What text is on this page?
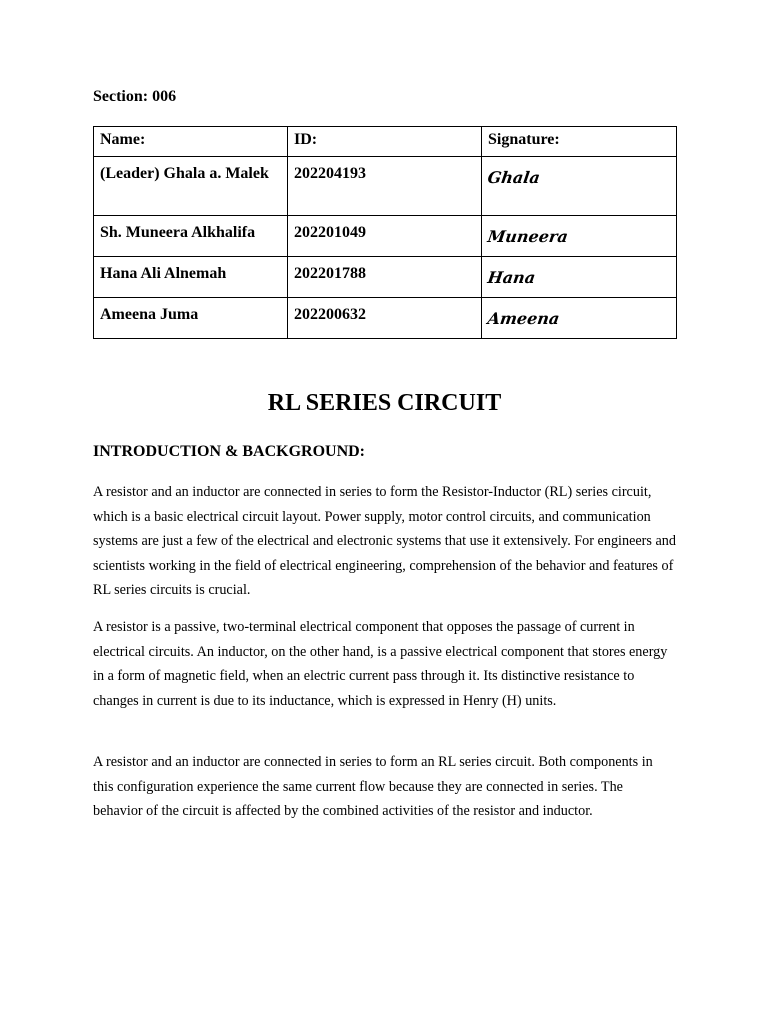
Section: 006
Name:	ID:	Signature:
(Leader) Ghala a. Malek	202204193	Ghala
Sh. Muneera Alkhalifa	202201049	Muneera
Hana Ali Alnemah	202201788	Hana
Ameena Juma	202200632	Ameena
RL SERIES CIRCUIT
INTRODUCTION & BACKGROUND:

A resistor and an inductor are connected in series to form the Resistor-Inductor (RL) series circuit, which is a basic electrical circuit layout. Power supply, motor control circuits, and communication systems are just a few of the electrical and electronic systems that use it extensively. For engineers and scientists working in the field of electrical engineering, comprehension of the behavior and features of RL series circuits is crucial.

A resistor is a passive, two-terminal electrical component that opposes the passage of current in electrical circuits. An inductor, on the other hand, is a passive electrical component that stores energy in a form of magnetic field, when an electric current pass through it. Its distinctive resistance to changes in current is due to its inductance, which is expressed in Henry (H) units.

A resistor and an inductor are connected in series to form an RL series circuit. Both components in this configuration experience the same current flow because they are connected in series. The behavior of the circuit is affected by the combined activities of the resistor and inductor.
